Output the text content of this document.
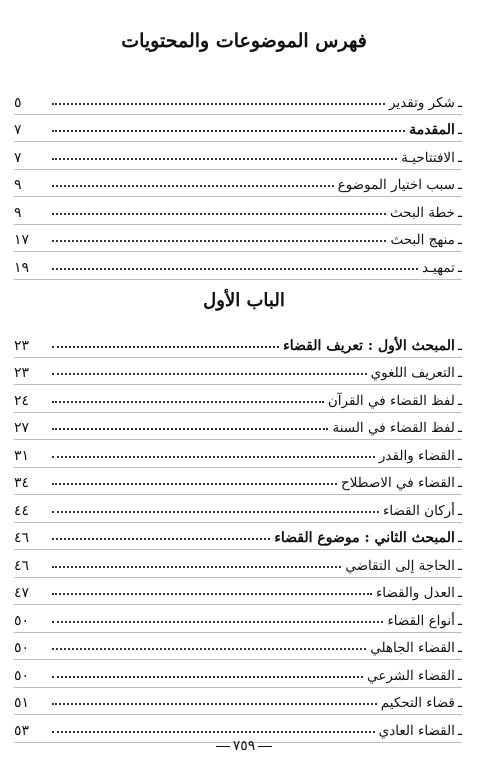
فهرس الموضوعات والمحتويات
ـ
شكر وتقدير
٥
ـ
المقدمة
٧
ـ
الافتتاحيـة
٧
ـ
سبب اختيار الموضوع
٩
ـ
خطة البحث
٩
ـ
منهج البحث
١٧
ـ
تمهيـد
١٩
الباب الأول
ـ
المبحث الأول : تعريف القضاء
٢٣
ـ
التعريف اللغوي
٢٣
ـ
لفظ القضاء في القرآن
٢٤
ـ
لفظ القضاء في السنة
٢٧
ـ
القضاء والقدر
٣١
ـ
القضاء في الاصطلاح
٣٤
ـ
أركان القضاء
٤٤
ـ
المبحث الثاني : موضوع القضاء
٤٦
ـ
الحاجة إلى التقاضي
٤٦
ـ
العدل والقضاء
٤٧
ـ
أنواع القضاء
٥٠
ـ
القضاء الجاهلي
٥٠
ـ
القضاء الشرعي
٥٠
ـ
قضاء التحكيم
٥١
ـ
القضاء العادي
٥٣
٧٥٩
